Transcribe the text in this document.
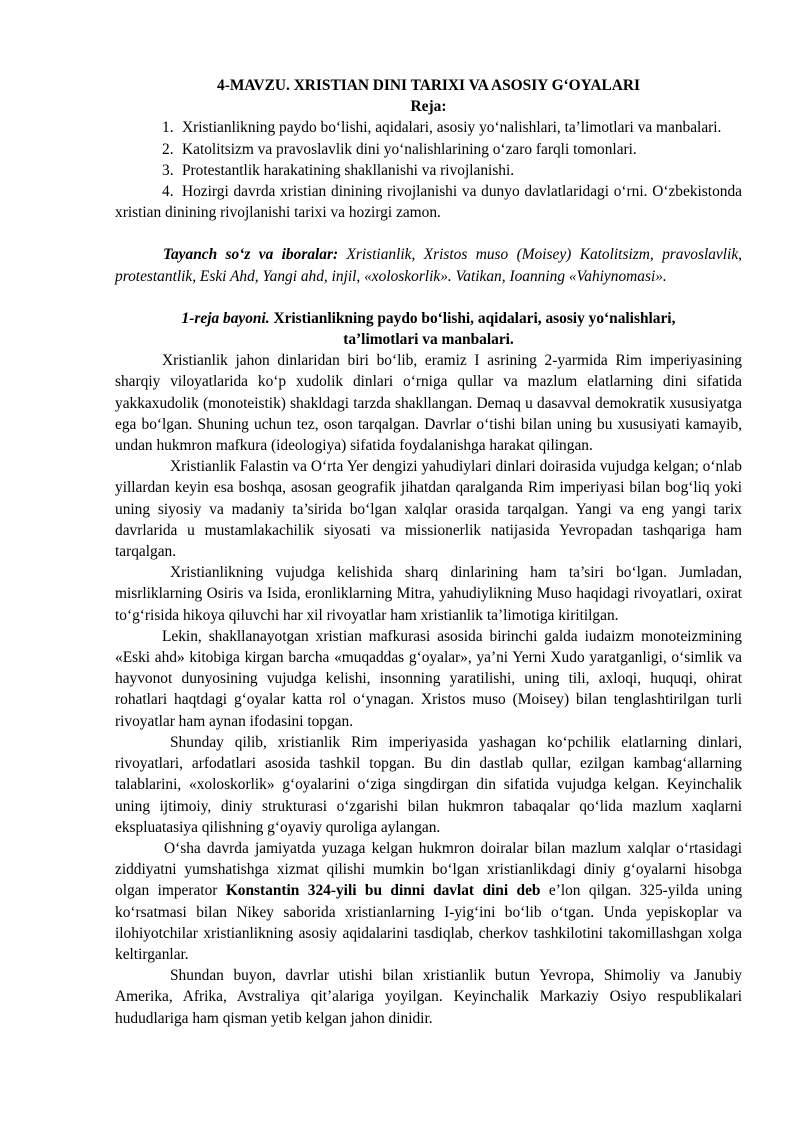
4-MAVZU. XRISTIAN DINI TARIXI VA ASOSIY G‘OYALARI

Reja:

1. Xristianlikning paydo bo‘lishi, aqidalari, asosiy yo‘nalishlari, ta’limotlari va manbalari.
2. Katolitsizm va pravoslavlik dini yo‘nalishlarining o‘zaro farqli tomonlari.
3. Protestantlik harakatining shakllanishi va rivojlanishi.
4. Hozirgi davrda xristian dinining rivojlanishi va dunyo davlatlaridagi o‘rni. O‘zbekistonda xristian dinining rivojlanishi tarixi va hozirgi zamon.

Tayanch so‘z va iboralar: Xristianlik, Xristos muso (Moisey) Katolitsizm, pravoslavlik, protestantlik, Eski Ahd, Yangi ahd, injil, «xoloskorlik». Vatikan, Ioanning «Vahiynomasi».

1-reja bayoni. Xristianlikning paydo bo‘lishi, aqidalari, asosiy yo‘nalishlari,
ta’limotlari va manbalari.

Xristianlik jahon dinlaridan biri bo‘lib, eramiz I asrining 2-yarmida Rim imperiyasining sharqiy viloyatlarida ko‘p xudolik dinlari o‘rniga qullar va mazlum elatlarning dini sifatida yakkaxudolik (monoteistik) shakldagi tarzda shakllangan. Demaq u dasavval demokratik xususiyatga ega bo‘lgan. Shuning uchun tez, oson tarqalgan. Davrlar o‘tishi bilan uning bu xususiyati kamayib, undan hukmron mafkura (ideologiya) sifatida foydalanishga harakat qilingan.

Xristianlik Falastin va O‘rta Yer dengizi yahudiylari dinlari doirasida vujudga kelgan; o‘nlab yillardan keyin esa boshqa, asosan geografik jihatdan qaralganda Rim imperiyasi bilan bog‘liq yoki uning siyosiy va madaniy ta’sirida bo‘lgan xalqlar orasida tarqalgan. Yangi va eng yangi tarix davrlarida u mustamlakachilik siyosati va missionerlik natijasida Yevropadan tashqariga ham tarqalgan.

Xristianlikning vujudga kelishida sharq dinlarining ham ta’siri bo‘lgan. Jumladan, misrliklarning Osiris va Isida, eronliklarning Mitra, yahudiylikning Muso haqidagi rivoyatlari, oxirat to‘g‘risida hikoya qiluvchi har xil rivoyatlar ham xristianlik ta’limotiga kiritilgan.

Lekin, shakllanayotgan xristian mafkurasi asosida birinchi galda iudaizm monoteizmining «Eski ahd» kitobiga kirgan barcha «muqaddas g‘oyalar», ya’ni Yerni Xudo yaratganligi, o‘simlik va hayvonot dunyosining vujudga kelishi, insonning yaratilishi, uning tili, axloqi, huquqi, ohirat rohatlari haqtdagi g‘oyalar katta rol o‘ynagan. Xristos muso (Moisey) bilan tenglashtirilgan turli rivoyatlar ham aynan ifodasini topgan.

Shunday qilib, xristianlik Rim imperiyasida yashagan ko‘pchilik elatlarning dinlari, rivoyatlari, arfodatlari asosida tashkil topgan. Bu din dastlab qullar, ezilgan kambag‘allarning talablarini, «xoloskorlik» g‘oyalarini o‘ziga singdirgan din sifatida vujudga kelgan. Keyinchalik uning ijtimoiy, diniy strukturasi o‘zgarishi bilan hukmron tabaqalar qo‘lida mazlum xaqlarni ekspluatasiya qilishning g‘oyaviy quroliga aylangan.

O‘sha davrda jamiyatda yuzaga kelgan hukmron doiralar bilan mazlum xalqlar o‘rtasidagi ziddiyatni yumshatishga xizmat qilishi mumkin bo‘lgan xristianlikdagi diniy g‘oyalarni hisobga olgan imperator Konstantin 324-yili bu dinni davlat dini deb e’lon qilgan. 325-yilda uning ko‘rsatmasi bilan Nikey saborida xristianlarning I-yig‘ini bo‘lib o‘tgan. Unda yepiskoplar va ilohiyotchilar xristianlikning asosiy aqidalarini tasdiqlab, cherkov tashkilotini takomillashgan xolga keltirganlar.

Shundan buyon, davrlar utishi bilan xristianlik butun Yevropa, Shimoliy va Janubiy Amerika, Afrika, Avstraliya qit’alariga yoyilgan. Keyinchalik Markaziy Osiyo respublikalari hududlariga ham qisman yetib kelgan jahon dinidir.
